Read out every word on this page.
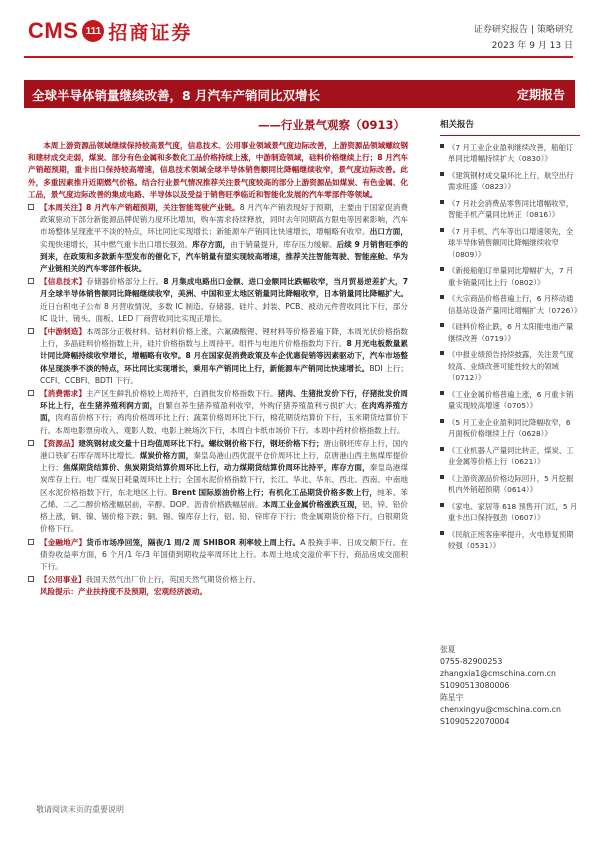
CMS 111 招商证券	证券研究报告 | 策略研究
2023 年 9 月 13 日
全球半导体销量继续改善，8 月汽车产销同比双增长	定期报告
——行业景气观察（0913）

本周上游资源品领域继续保持较高景气度，信息技术、公用事业领域景气度边际改善，上游资源品领域螺纹钢和建材成交走弱，煤炭、部分有色金属和多数化工品价格持续上涨，中游制造领域，硅料价格继续上行；8 月汽车产销超预期，重卡出口保持较高增速，信息技术领域全球半导体销售额同比降幅继续收窄，景气度边际改善。此外，多重因素推升近期燃气价格。结合行业景气情况推荐关注景气度较高的部分上游资源品如煤炭、有色金属、化工品，景气度边际改善的集成电路、半导体以及受益于销售旺季临近和智能化发展的汽车零部件等领域。

【本周关注】8 月汽车产销超预期，关注智能驾驶产业链。8 月汽车产销表现好于预期，主要由于国家促消费政策驱动下部分新能源品牌促销力度环比增加，购车需求持续释放，同时去年同期高方限电等因素影响，汽车市场整体呈现涨平不淡的特点，环比同比实现增长；新能源车产销同比快速增长，增幅略有收窄。出口方面，实现快速增长，其中燃气重卡出口增长强劲。库存方面，由于销量提升，库存压力缓解。后续 9 月销售旺季的到来，在政策和多款新车型发布的催化下，汽车销量有望实现较高增速，推荐关注智能驾驶、智能座舱、华为产业链相关的汽车零部件板块。
【信息技术】存储器价格部分上行。8 月集成电路出口金额、进口金额同比跌幅收窄，当月贸易逆差扩大，7 月全球半导体销售额同比降幅继续收窄，美洲、中国和亚太地区销量同比降幅收窄，日本销量同比降幅扩大。近日台积电子公布 8 月营收情况，多数 IC 制造、存储器、硅片、封装、PCB、被动元件营收同比下行，部分 IC 设计、镜头、面板、LED 厂商营收同比实现正增长。
【中游制造】本周部分正极材料、钴材料价格上涨，六氟磷酸锂、锂材料等价格普遍下降，本周光伏价格指数上行，多晶硅料价格指数上升，硅片价格指数与上周持平。组件与电池片价格指数均下行。8 月光电板数量累计同比降幅持续收窄增长，增幅略有收窄。8 月在国家促消费政策及车企优惠促销等因素驱动下，汽车市场整体呈现淡季不淡的特点，环比同比实现增长，乘用车产销同比上行，新能源车产销同比快速增长。BDI 上行；CCFI、CCBFI、BDTI 下行。
【消费需求】主产区生鲜乳价格较上周持平，白酒批发价格指数下行。猪肉、生猪批发价下行，仔猪批发价周环比上行，在生猪养殖利润方面，自繁自养生猪养殖盈利收窄，外购仔猪养殖盈利亏损扩大；在肉鸡养殖方面，肉鸡苗价格下行；鸡肉价格周环比上行；蔬菜价格周环比下行，棉花期货结算价下行，玉米期货结算价下行。本周电影票房收入、观影人数、电影上映场次下行，本周白卡纸市场价下行。本周中药材价格指数上行。
【资源品】建筑钢材成交量十日均值周环比下行。螺纹钢价格下行，钢坯价格下行；唐山钢坯库存上行，国内港口铁矿石库存周环比增长。煤炭价格方面，秦皇岛港山西优混平仓价周环比上行，京唐港山西主焦煤库提价上行；焦煤期货结算价、焦炭期货结算价周环比上行，动力煤期货结算价周环比持平，库存方面，秦皇岛港煤炭库存上行。电厂煤炭日耗量周环比上行；全国水泥价格指数下行，长江、华北、华东、西北、西南、中南地区水泥价格指数下行，东北地区上行。Brent 国际原油价格上行；有机化工品期货价格多数上行，纯苯、苯乙烯、二乙二醇价格涨幅居前，辛醇、DOP、沥青价格跌幅居前。本周工业金属价格涨跌互现，铝、锌、铅价格上涨，铜、镍、锡价格下跌；铜、锡、镍库存上行，铝、铅、锌库存下行；贵金属期货价格下行，白银期货价格下行。
【金融地产】货币市场净回笼，隔夜/1 周/2 周 SHIBOR 利率较上周上行。A 股换手率、日成交额下行。在债券收益率方面，6 个月/1 年/3 年国债到期收益率周环比上行。本周土地成交溢价率下行，商品房成交面积下行。
【公用事业】我国天然气出厂价上行，英国天然气期货价格上行。
风险提示：产业扶持度不及预期，宏观经济波动。
相关报告
《7 月工业企业盈利继续改善，船舶订单同比增幅持续扩大（0830）》
《建筑钢材成交量环比上行，航空出行需求旺盛（0823）》
《7 月社会消费品零售同比增幅收窄，智能手机产量同比转正（0816）》
《7 月手机、汽车等出口增速领先，全球半导体销售额同比降幅继续收窄（0809）》
《新接船舶订单量同比增幅扩大，7 月重卡销量同比上行（0802）》
《大宗商品价格普遍上行，6 月移动通信基站设备产量同比增幅扩大（0726）》
《硅料价格止跌，6 月太阳能电池产量继续改善（0719）》
《中报业绩预告持续披露，关注景气度较高、业绩改善可能性较大的领域（0712）》
《工业金属价格普遍上涨，6 月重卡销量实现较高增速（0705）》
《5 月工业企业盈利同比降幅收窄，6 月面板价格继续上行（0628）》
《工业机器人产量同比转正，煤炭、工业金属等价格上行（0621）》
《上游资源品价格边际回升，5 月挖掘机内外销超预期（0614）》
《家电、家居等 618 预售开门红，5 月重卡出口保持强劲（0607）》
《民航正班客座率提升，火电修复预期较强（0531）》
张夏
0755-82900253
zhangxia1@cmschina.com.cn
S1090513080006
陈星宇
chenxingyu@cmschina.com.cn
S1090522070004
敬请阅读末页的重要说明
